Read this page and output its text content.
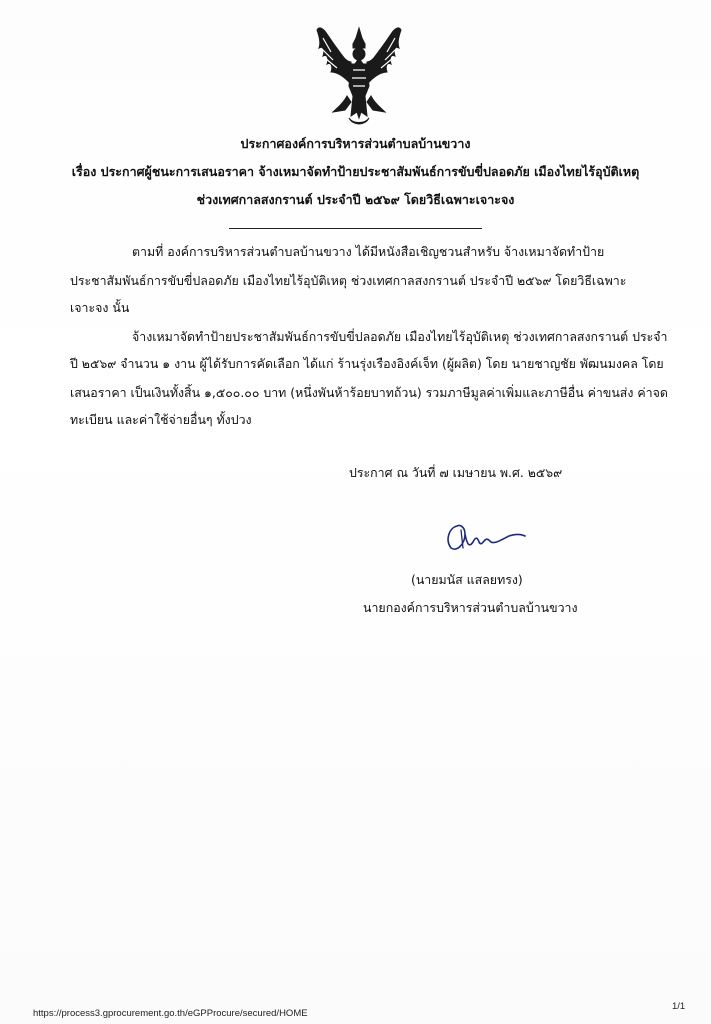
ประกาศองค์การบริหารส่วนตำบลบ้านขวาง
เรื่อง ประกาศผู้ชนะการเสนอราคา จ้างเหมาจัดทำป้ายประชาสัมพันธ์การขับขี่ปลอดภัย เมืองไทยไร้อุบัติเหตุ
ช่วงเทศกาลสงกรานต์ ประจำปี ๒๕๖๙ โดยวิธีเฉพาะเจาะจง
ตามที่ องค์การบริหารส่วนตำบลบ้านขวาง ได้มีหนังสือเชิญชวนสำหรับ จ้างเหมาจัดทำป้าย
ประชาสัมพันธ์การขับขี่ปลอดภัย เมืองไทยไร้อุบัติเหตุ ช่วงเทศกาลสงกรานต์ ประจำปี ๒๕๖๙ โดยวิธีเฉพาะ
เจาะจง นั้น
จ้างเหมาจัดทำป้ายประชาสัมพันธ์การขับขี่ปลอดภัย เมืองไทยไร้อุบัติเหตุ ช่วงเทศกาลสงกรานต์ ประจำ
ปี ๒๕๖๙ จำนวน ๑ งาน ผู้ได้รับการคัดเลือก ได้แก่ ร้านรุ่งเรืองอิงค์เจ็ท (ผู้ผลิต) โดย นายชาญชัย พัฒนมงคล โดย
เสนอราคา เป็นเงินทั้งสิ้น ๑,๕๐๐.๐๐ บาท (หนึ่งพันห้าร้อยบาทถ้วน) รวมภาษีมูลค่าเพิ่มและภาษีอื่น ค่าขนส่ง ค่าจด
ทะเบียน และค่าใช้จ่ายอื่นๆ ทั้งปวง
ประกาศ ณ วันที่ ๗ เมษายน พ.ศ. ๒๕๖๙
(นายมนัส แสลยทรง)
นายกองค์การบริหารส่วนตำบลบ้านขวาง
https://process3.gprocurement.go.th/eGPProcure/secured/HOME
1/1
